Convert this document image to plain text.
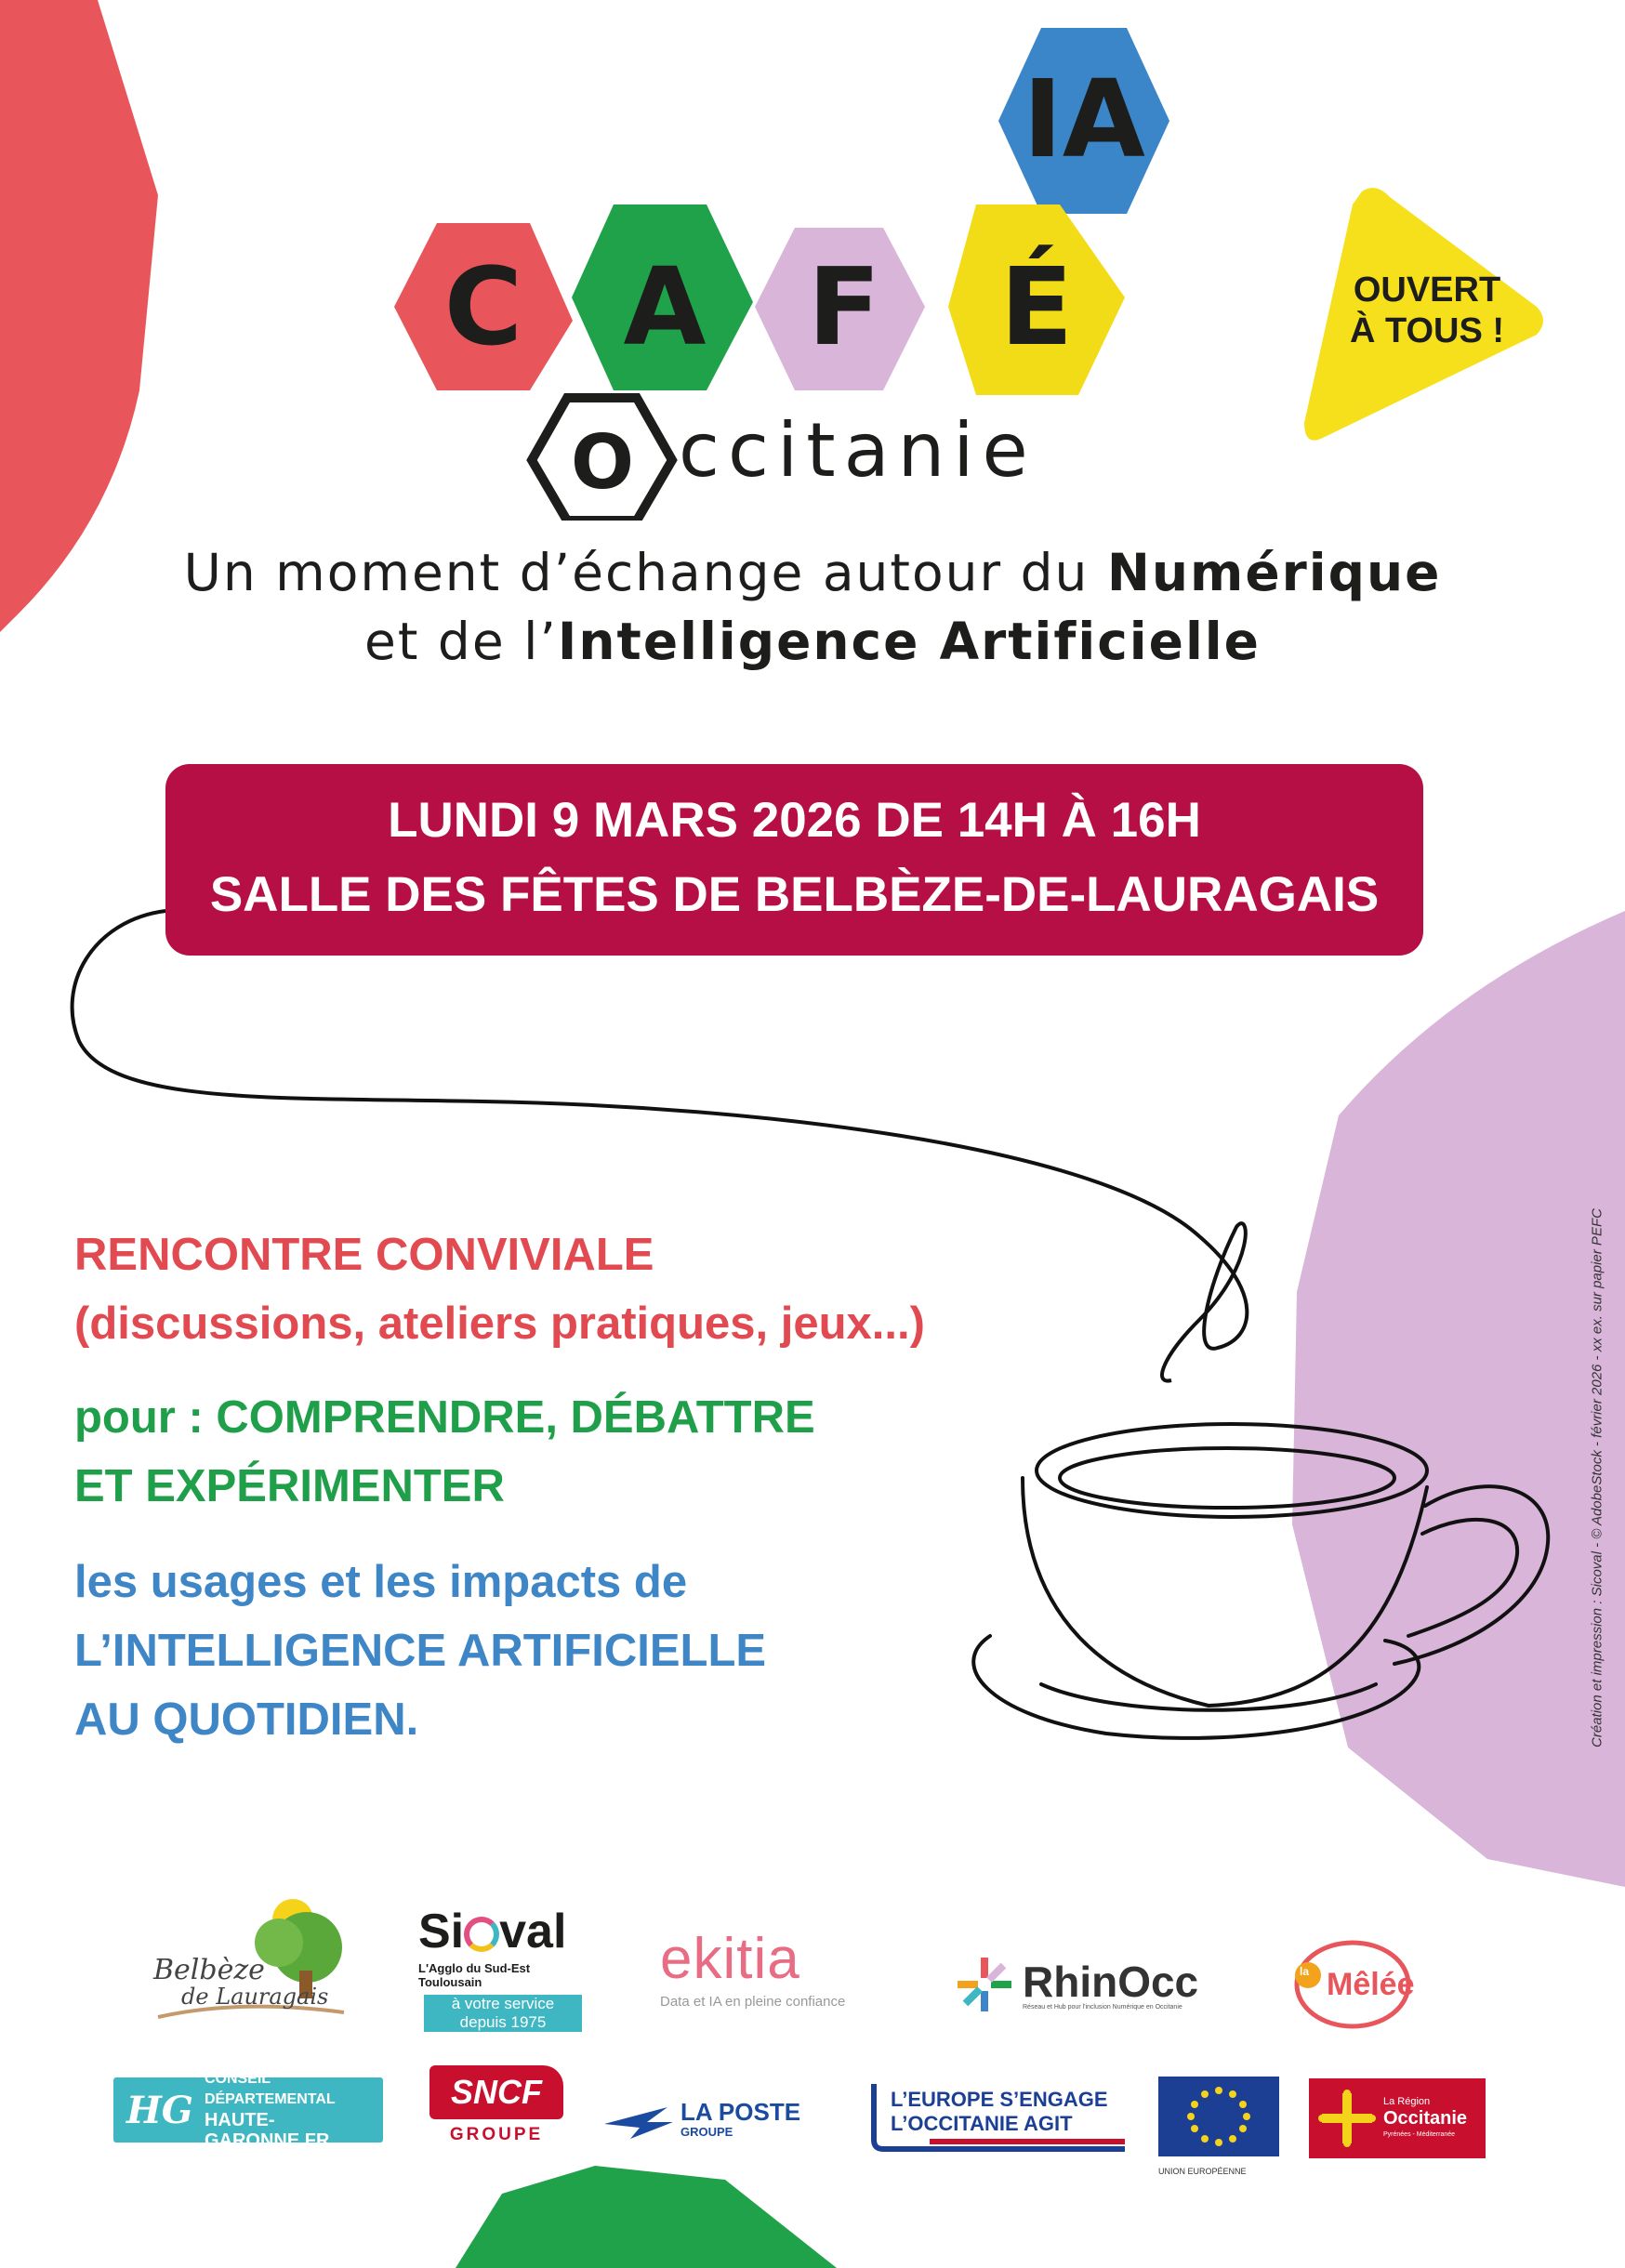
IA
C A F É
O ccitanie
OUVERT
À TOUS !
Un moment d’échange autour du Numérique
et de l’Intelligence Artificielle
LUNDI 9 MARS 2026 DE 14H À 16H
SALLE DES FÊTES DE BELBÈZE-DE-LAURAGAIS
RENCONTRE CONVIVIALE
(discussions, ateliers pratiques, jeux...)
pour : COMPRENDRE, DÉBATTRE
ET EXPÉRIMENTER
les usages et les impacts de
L’INTELLIGENCE ARTIFICIELLE
AU QUOTIDIEN.	Création et impression : Sicoval - © AdobeStock - février 2026 - xx ex. sur papier PEFC
Belbèze
de Lauragais
Si val
L'Agglo du Sud-Est Toulousain
à votre service
depuis 1975
ekitia
Data et IA en pleine confiance	RhinOcc
Réseau et Hub pour l'inclusion Numérique en Occitanie
la Mêlée
HG
CONSEIL DÉPARTEMENTAL
HAUTE-GARONNE.FR
SNCF
GROUPE
LA POSTE
GROUPE
L’EUROPE S’ENGAGE
L’OCCITANIE AGIT
UNION EUROPÉENNE
La Région
Occitanie
Pyrénées - Méditerranée
